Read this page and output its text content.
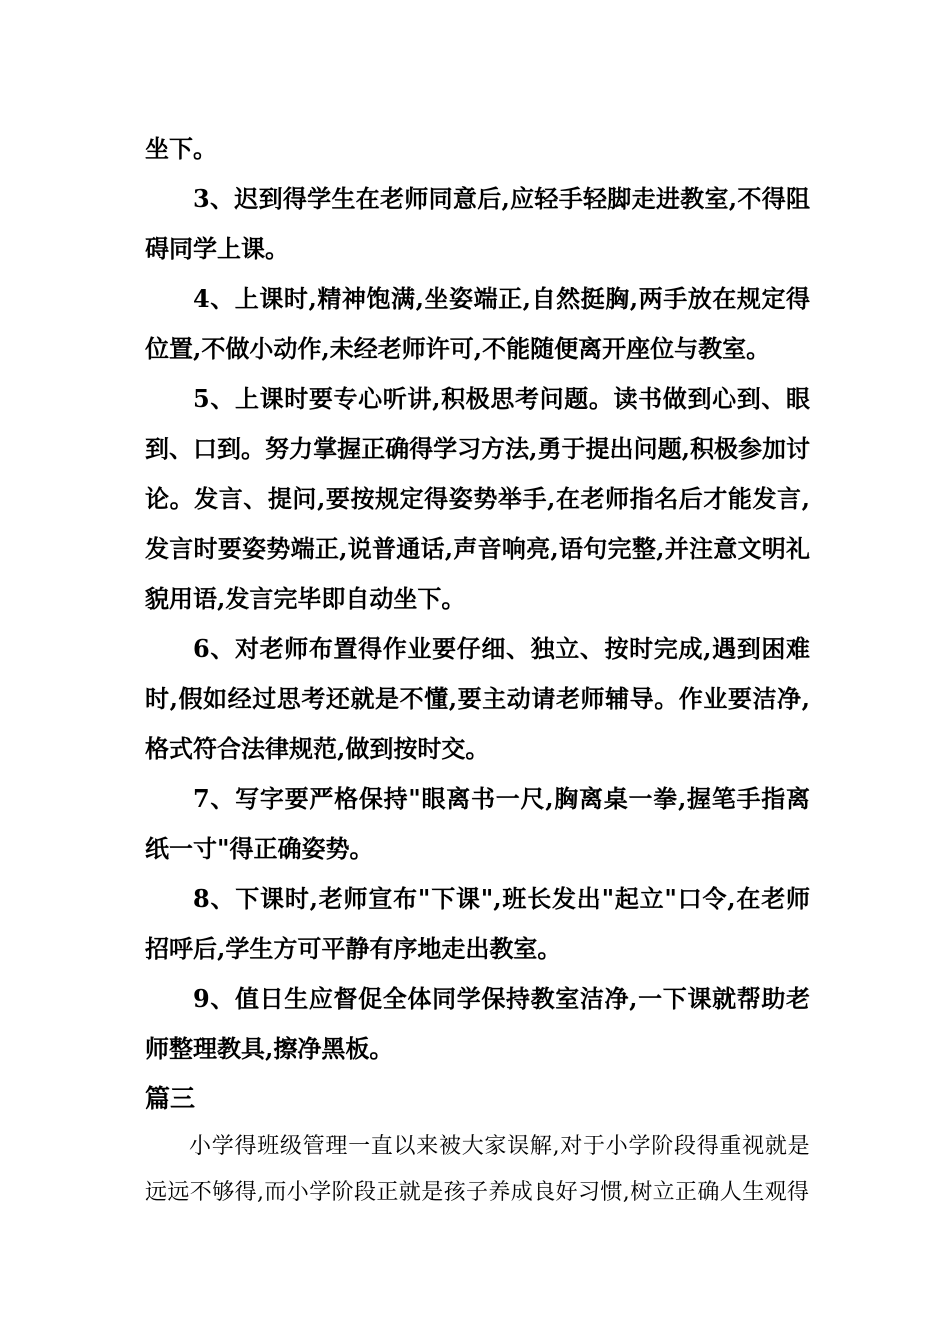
坐下。

3、迟到得学生在老师同意后,应轻手轻脚走进教室,不得阻碍同学上课。

4、上课时,精神饱满,坐姿端正,自然挺胸,两手放在规定得位置,不做小动作,未经老师许可,不能随便离开座位与教室。

5、上课时要专心听讲,积极思考问题。读书做到心到、眼到、口到。努力掌握正确得学习方法,勇于提出问题,积极参加讨论。发言、提问,要按规定得姿势举手,在老师指名后才能发言,发言时要姿势端正,说普通话,声音响亮,语句完整,并注意文明礼貌用语,发言完毕即自动坐下。

6、对老师布置得作业要仔细、独立、按时完成,遇到困难时,假如经过思考还就是不懂,要主动请老师辅导。作业要洁净,格式符合法律规范,做到按时交。

7、写字要严格保持"眼离书一尺,胸离桌一拳,握笔手指离纸一寸"得正确姿势。

8、下课时,老师宣布"下课",班长发出"起立"口令,在老师招呼后,学生方可平静有序地走出教室。

9、值日生应督促全体同学保持教室洁净,一下课就帮助老师整理教具,擦净黑板。

篇三

小学得班级管理一直以来被大家误解,对于小学阶段得重视就是远远不够得,而小学阶段正就是孩子养成良好习惯,树立正确人生观得
